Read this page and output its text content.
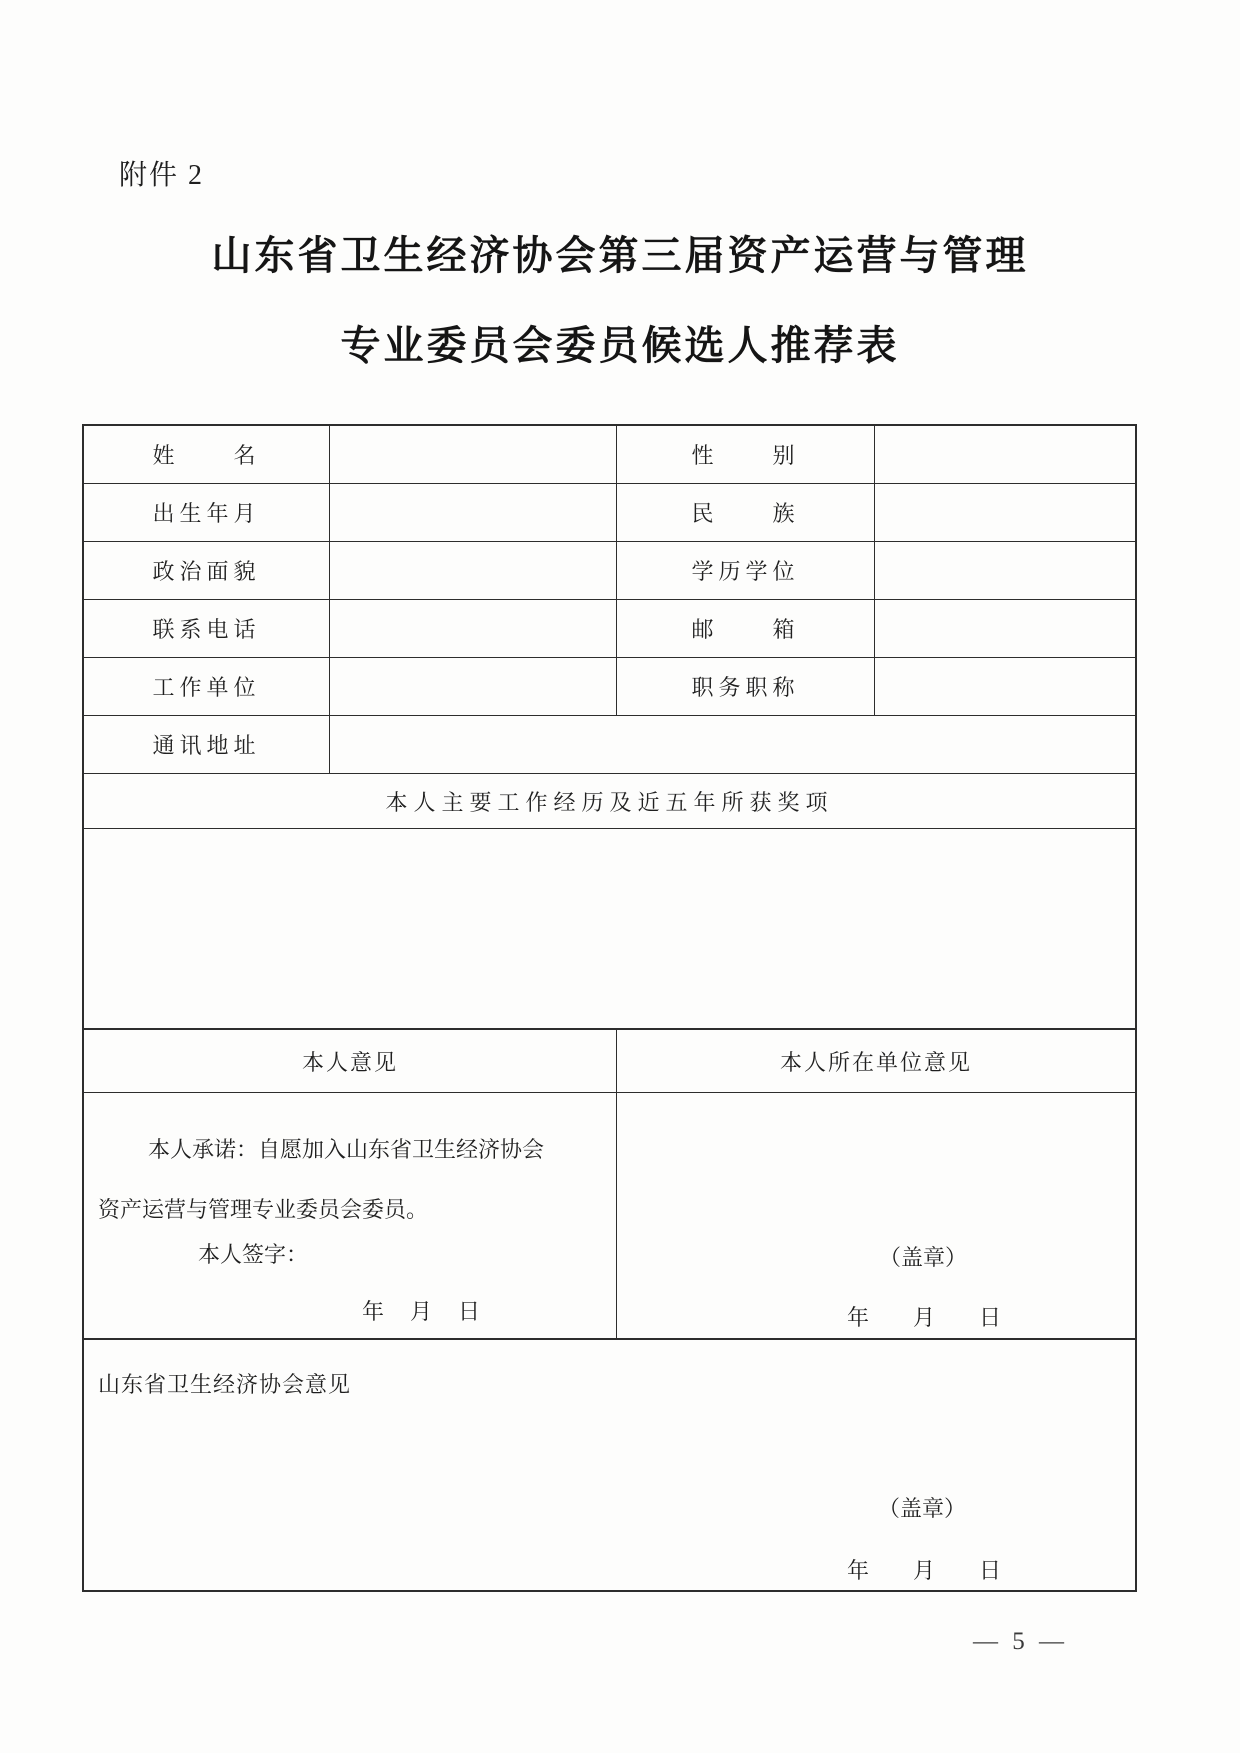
附件 2
山东省卫生经济协会第三届资产运营与管理
专业委员会委员候选人推荐表
姓　　名	性　　别
出生年月	民　　族
政治面貌	学历学位
联系电话	邮　　箱
工作单位	职务职称
通讯地址
本人主要工作经历及近五年所获奖项
本人意见	本人所在单位意见
本人承诺：自愿加入山东省卫生经济协会
资产运营与管理专业委员会委员。
本人签字：
年　月　日
（盖章）
年　　月　　日
山东省卫生经济协会意见
（盖章）
年　　月　　日
— 5 —
